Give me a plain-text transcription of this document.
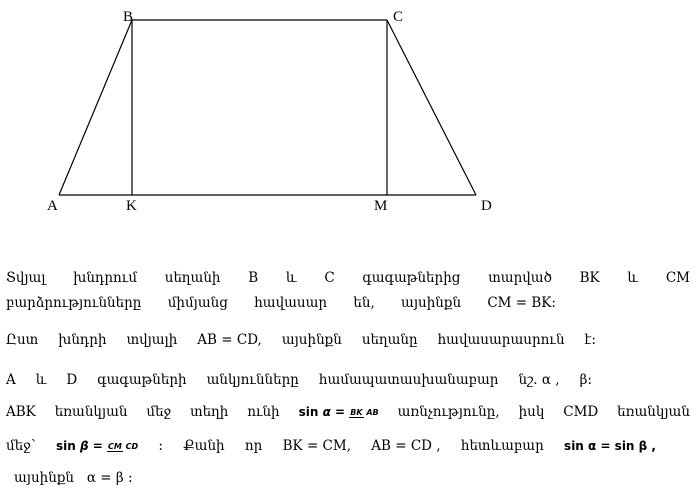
B	C
A	K	M	D
Տվյալ խնդրում սեղանի B և C գագաթներից տարված BK և CM
բարձրությունները միմյանց հավասար են, այսինքն CM = BK:
Ըստ խնդրի տվյալի AB = CD, այսինքն սեղանը հավասարասրուն է:
A և D գագաթների անկյունները համապատասխանաբար նշ. α , β:
ABK եռանկյան մեջ տեղի ունի sin α = BK AB առնչությունը, իսկ CMD եռանկյան
մեջ՝ sin β = CM CD : Քանի որ BK = CM, AB = CD , հետևաբար sin α = sin β ,
այսինքն   α = β :
